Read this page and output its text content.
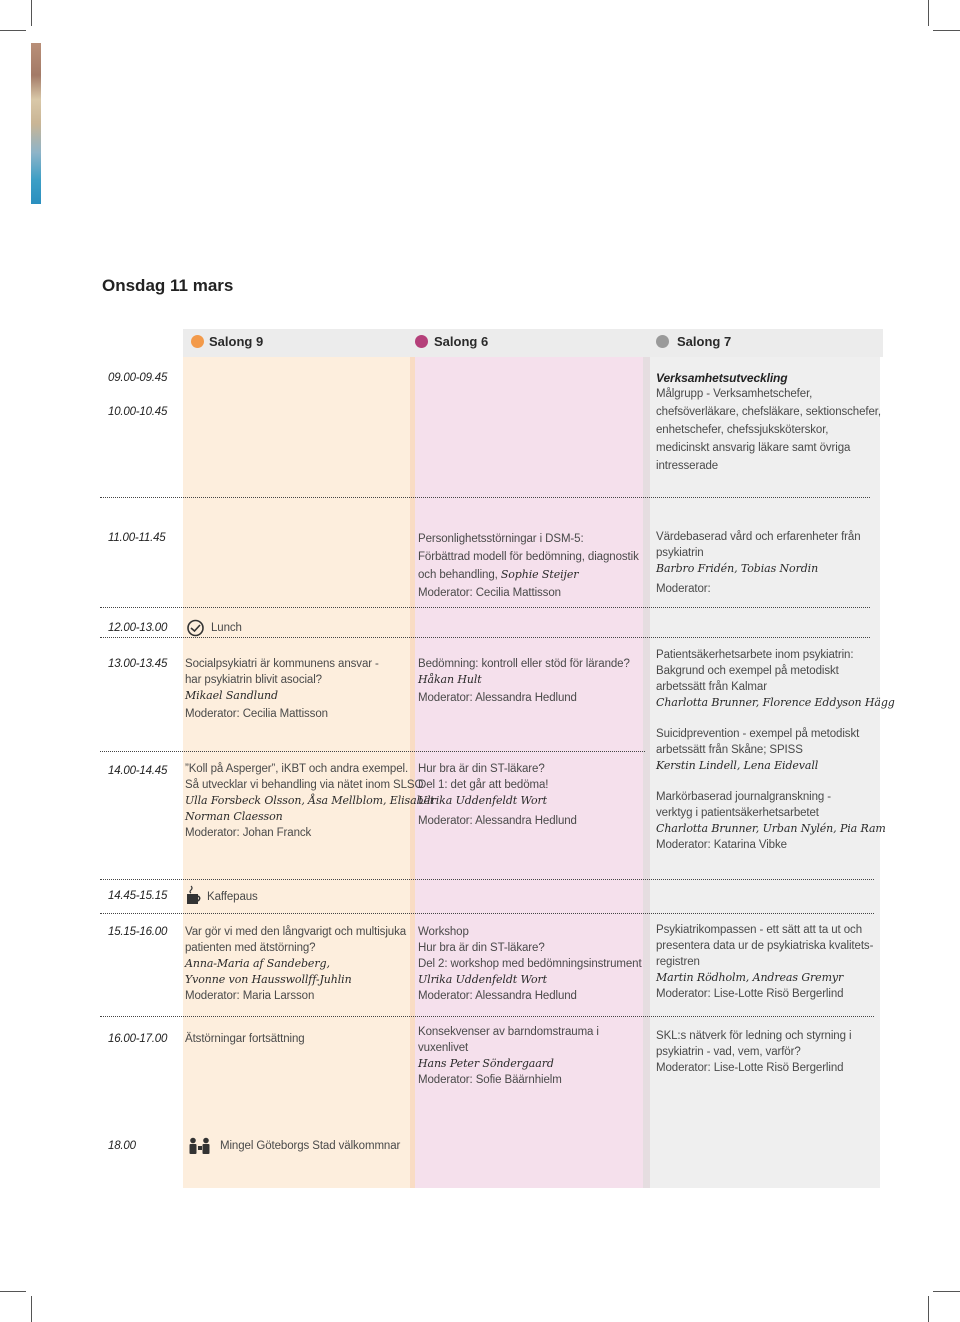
Onsdag 11 mars
Salong 9	Salong 6	Salong 7
09.00-09.45
10.00-10.45
11.00-11.45
12.00-13.00
13.00-13.45
14.00-14.45
14.45-15.15
15.15-16.00
16.00-17.00
18.00
Verksamhetsutveckling
Målgrupp - Verksamhetschefer,
chefsöverläkare, chefsläkare, sektionschefer,
enhetschefer, chefssjuksköterskor,
medicinskt ansvarig läkare samt övriga
intresserade
Personlighetsstörningar i DSM-5:
Förbättrad modell för bedömning, diagnostik
och behandling, Sophie Steijer
Moderator: Cecilia Mattisson
Värdebaserad vård och erfarenheter från
psykiatrin
Barbro Fridén, Tobias Nordin
Moderator:
Lunch
Socialpsykiatri är kommunens ansvar -
har psykiatrin blivit asocial?
Mikael Sandlund
Moderator: Cecilia Mattisson
Bedömning: kontroll eller stöd för lärande?
Håkan Hult
Moderator: Alessandra Hedlund
Patientsäkerhetsarbete inom psykiatrin:
Bakgrund och exempel på metodiskt
arbetssätt från Kalmar
Charlotta Brunner, Florence Eddyson Hägg
Suicidprevention - exempel på metodiskt
arbetssätt från Skåne; SPISS
Kerstin Lindell, Lena Eidevall
Markörbaserad journalgranskning -
verktyg i patientsäkerhetsarbetet
Charlotta Brunner, Urban Nylén, Pia Ram
Moderator: Katarina Vibke
”Koll på Asperger”, iKBT och andra exempel.
Så utvecklar vi behandling via nätet inom SLSO
Ulla Forsbeck Olsson, Åsa Mellblom, Elisabet
Norman Claesson
Moderator: Johan Franck
Hur bra är din ST-läkare?
Del 1: det går att bedöma!
Ulrika Uddenfeldt Wort
Moderator: Alessandra Hedlund
Kaffepaus
Var gör vi med den långvarigt och multisjuka
patienten med ätstörning?
Anna-Maria af Sandeberg,
Yvonne von Hausswollff-Juhlin
Moderator: Maria Larsson
Workshop
Hur bra är din ST-läkare?
Del 2: workshop med bedömningsinstrument
Ulrika Uddenfeldt Wort
Moderator: Alessandra Hedlund
Psykiatrikompassen - ett sätt att ta ut och
presentera data ur de psykiatriska kvalitets-
registren
Martin Rödholm, Andreas Gremyr
Moderator: Lise-Lotte Risö Bergerlind
Ätstörningar fortsättning
Konsekvenser av barndomstrauma i
vuxenlivet
Hans Peter Söndergaard
Moderator: Sofie Bäärnhielm
SKL:s nätverk för ledning och styrning i
psykiatrin - vad, vem, varför?
Moderator: Lise-Lotte Risö Bergerlind
Mingel Göteborgs Stad välkommnar
